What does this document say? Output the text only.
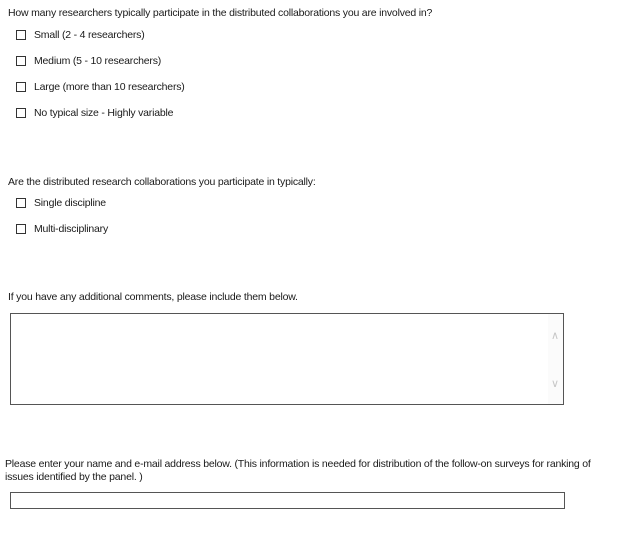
How many researchers typically participate in the distributed collaborations you are involved in?
Small (2 - 4 researchers)
Medium (5 - 10 researchers)
Large (more than 10 researchers)
No typical size - Highly variable
Are the distributed research collaborations you participate in typically:
Single discipline
Multi-disciplinary
If you have any additional comments, please include them below.
∧
∨
Please enter your name and e-mail address below. (This information is needed for distribution of the follow-on surveys for ranking of
issues identified by the panel. )
